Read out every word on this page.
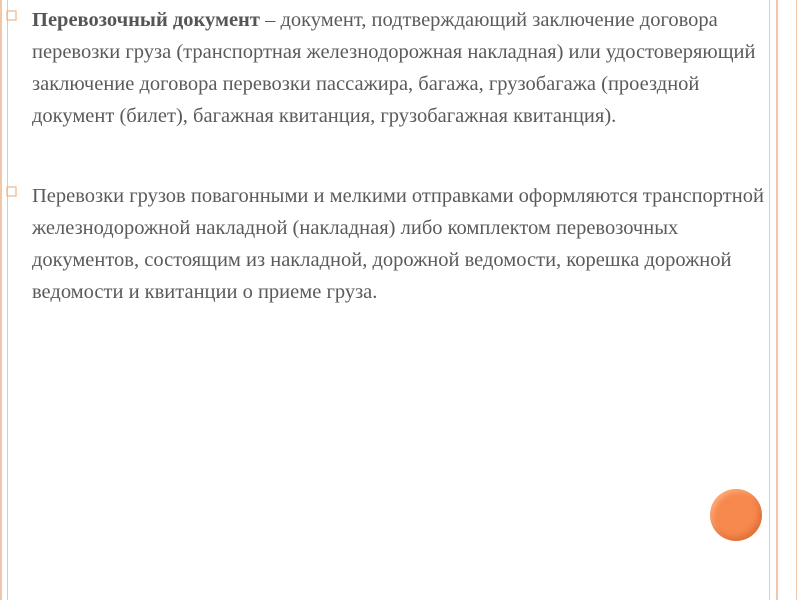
Перевозочный документ – документ, подтверждающий заключение договора перевозки груза (транспортная железнодорожная накладная) или удостоверяющий заключение договора перевозки пассажира, багажа, грузобагажа (проездной документ (билет), багажная квитанция, грузобагажная квитанция).

Перевозки грузов повагонными и мелкими отправками оформляются транспортной железнодорожной накладной (накладная) либо комплектом перевозочных документов, состоящим из накладной, дорожной ведомости, корешка дорожной ведомости и квитанции о приеме груза.
